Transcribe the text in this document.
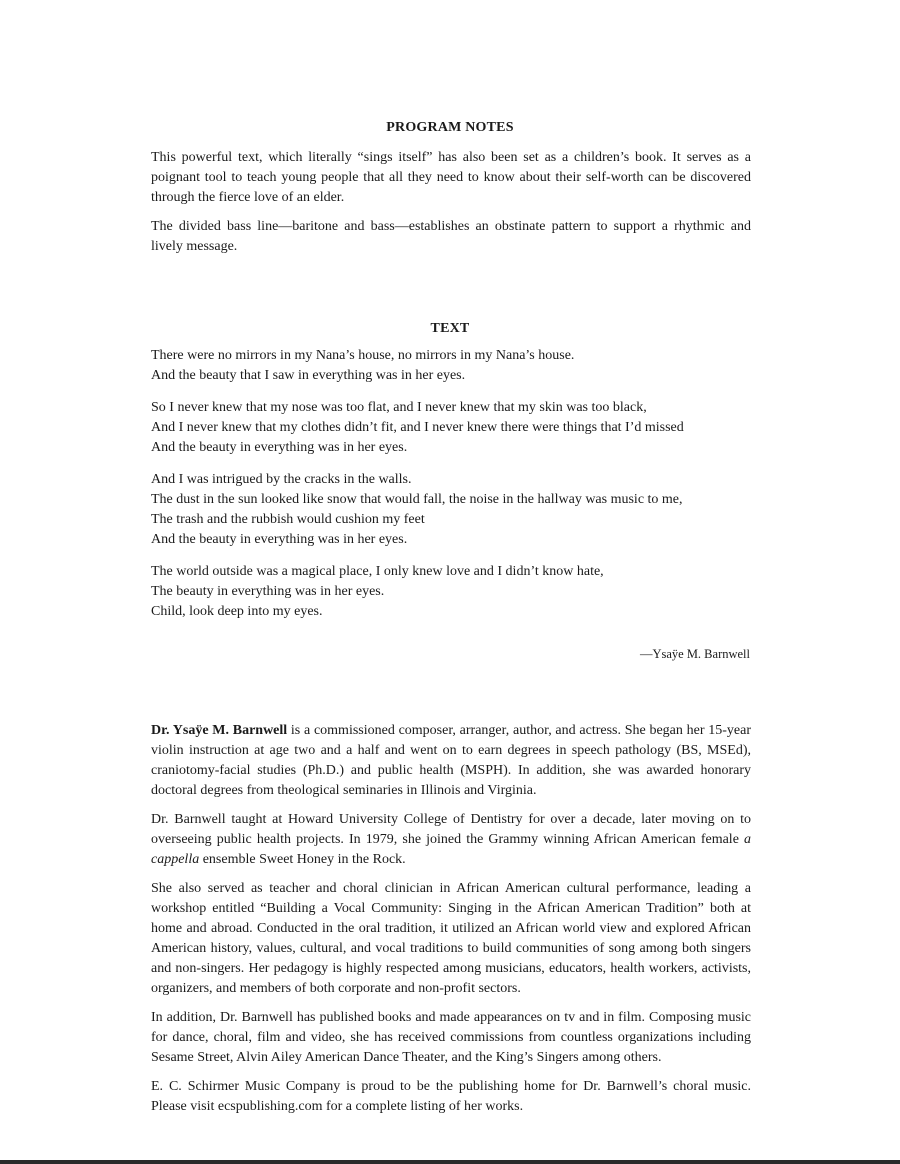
PROGRAM NOTES

This powerful text, which literally “sings itself” has also been set as a children’s book. It serves as a poignant tool to teach young people that all they need to know about their self-worth can be discovered through the fierce love of an elder.

The divided bass line—baritone and bass—establishes an obstinate pattern to support a rhythmic and lively message.

TEXT
There were no mirrors in my Nana’s house, no mirrors in my Nana’s house.
And the beauty that I saw in everything was in her eyes.
So I never knew that my nose was too flat, and I never knew that my skin was too black,
And I never knew that my clothes didn’t fit, and I never knew there were things that I’d missed
And the beauty in everything was in her eyes.
And I was intrigued by the cracks in the walls.
The dust in the sun looked like snow that would fall, the noise in the hallway was music to me,
The trash and the rubbish would cushion my feet
And the beauty in everything was in her eyes.
The world outside was a magical place, I only knew love and I didn’t know hate,
The beauty in everything was in her eyes.
Child, look deep into my eyes.
—Ysaÿe M. Barnwell

Dr. Ysaÿe M. Barnwell is a commissioned composer, arranger, author, and actress. She began her 15-year violin instruction at age two and a half and went on to earn degrees in speech pathology (BS, MSEd), craniotomy-facial studies (Ph.D.) and public health (MSPH). In addition, she was awarded honorary doctoral degrees from theological seminaries in Illinois and Virginia.

Dr. Barnwell taught at Howard University College of Dentistry for over a decade, later moving on to overseeing public health projects. In 1979, she joined the Grammy winning African American female a cappella ensemble Sweet Honey in the Rock.

She also served as teacher and choral clinician in African American cultural performance, leading a workshop entitled “Building a Vocal Community: Singing in the African American Tradition” both at home and abroad. Conducted in the oral tradition, it utilized an African world view and explored African American history, values, cultural, and vocal traditions to build communities of song among both singers and non-singers. Her pedagogy is highly respected among musicians, educators, health workers, activists, organizers, and members of both corporate and non-profit sectors.

In addition, Dr. Barnwell has published books and made appearances on tv and in film. Composing music for dance, choral, film and video, she has received commissions from countless organizations including Sesame Street, Alvin Ailey American Dance Theater, and the King’s Singers among others.

E. C. Schirmer Music Company is proud to be the publishing home for Dr. Barnwell’s choral music. Please visit ecspublishing.com for a complete listing of her works.
